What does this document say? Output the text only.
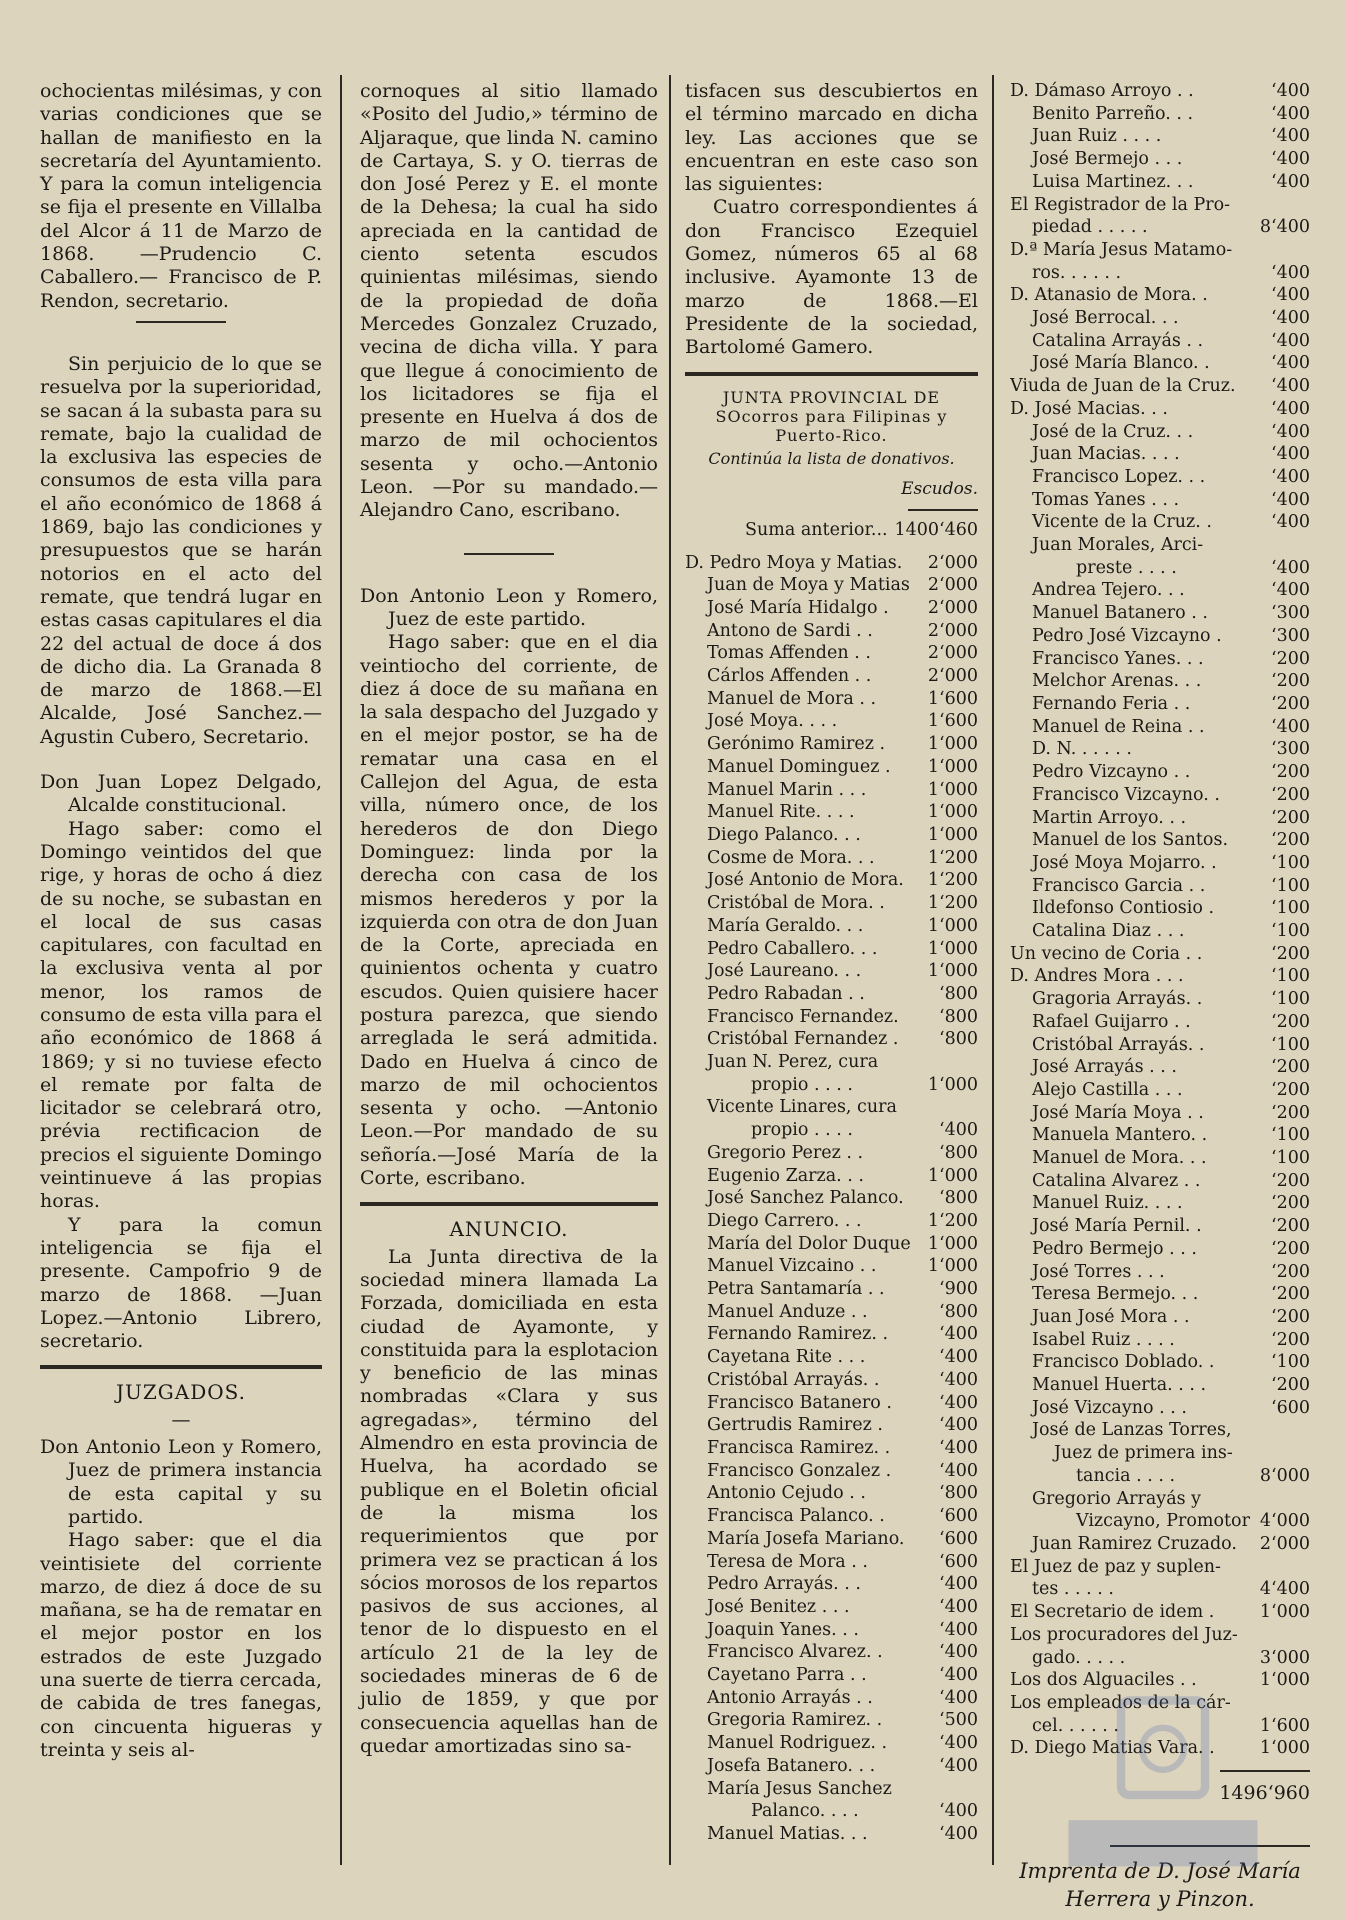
ochocientas milésimas, y con varias condiciones que se hallan de manifiesto en la secretaría del Ayuntamiento. Y para la comun inteligencia se fija el presente en Villalba del Alcor á 11 de Marzo de 1868. —Prudencio C. Caballero.— Francisco de P. Rendon, secretario.

Sin perjuicio de lo que se resuelva por la superioridad, se sacan á la subasta para su remate, bajo la cualidad de la exclusiva las especies de consumos de esta villa para el año económico de 1868 á 1869, bajo las condiciones y presupuestos que se harán notorios en el acto del remate, que tendrá lugar en estas casas capitulares el dia 22 del actual de doce á dos de dicho dia. La Granada 8 de marzo de 1868.—El Alcalde, José Sanchez.—Agustin Cubero, Secretario.

Don Juan Lopez Delgado, Alcalde constitucional.

Hago saber: como el Domingo veintidos del que rige, y horas de ocho á diez de su noche, se subastan en el local de sus casas capitulares, con facultad en la exclusiva venta al por menor, los ramos de consumo de esta villa para el año económico de 1868 á 1869; y si no tuviese efecto el remate por falta de licitador se celebrará otro, prévia rectificacion de precios el siguiente Domingo veintinueve á las propias horas.

Y para la comun inteligencia se fija el presente. Campofrio 9 de marzo de 1868. —Juan Lopez.—Antonio Librero, secretario.

JUZGADOS.
—

Don Antonio Leon y Romero, Juez de primera instancia de esta capital y su partido.

Hago saber: que el dia veintisiete del corriente marzo, de diez á doce de su mañana, se ha de rematar en el mejor postor en los estrados de este Juzgado una suerte de tierra cercada, de cabida de tres fanegas, con cincuenta higueras y treinta y seis al-

cornoques al sitio llamado «Posito del Judio,» término de Aljaraque, que linda N. camino de Cartaya, S. y O. tierras de don José Perez y E. el monte de la Dehesa; la cual ha sido apreciada en la cantidad de ciento setenta escudos quinientas milésimas, siendo de la propiedad de doña Mercedes Gonzalez Cruzado, vecina de dicha villa. Y para que llegue á conocimiento de los licitadores se fija el presente en Huelva á dos de marzo de mil ochocientos sesenta y ocho.—Antonio Leon. —Por su mandado.—Alejandro Cano, escribano.

Don Antonio Leon y Romero, Juez de este partido.

Hago saber: que en el dia veintiocho del corriente, de diez á doce de su mañana en la sala despacho del Juzgado y en el mejor postor, se ha de rematar una casa en el Callejon del Agua, de esta villa, número once, de los herederos de don Diego Dominguez: linda por la derecha con casa de los mismos herederos y por la izquierda con otra de don Juan de la Corte, apreciada en quinientos ochenta y cuatro escudos. Quien quisiere hacer postura parezca, que siendo arreglada le será admitida. Dado en Huelva á cinco de marzo de mil ochocientos sesenta y ocho. —Antonio Leon.—Por mandado de su señoría.—José María de la Corte, escribano.

ANUNCIO.

La Junta directiva de la sociedad minera llamada La Forzada, domiciliada en esta ciudad de Ayamonte, y constituida para la esplotacion y beneficio de las minas nombradas «Clara y sus agregadas», término del Almendro en esta provincia de Huelva, ha acordado se publique en el Boletin oficial de la misma los requerimientos que por primera vez se practican á los sócios morosos de los repartos pasivos de sus acciones, al tenor de lo dispuesto en el artículo 21 de la ley de sociedades mineras de 6 de julio de 1859, y que por consecuencia aquellas han de quedar amortizadas sino sa-

tisfacen sus descubiertos en el término marcado en dicha ley. Las acciones que se encuentran en este caso son las siguientes:

Cuatro correspondientes á don Francisco Ezequiel Gomez, números 65 al 68 inclusive. Ayamonte 13 de marzo de 1868.—El Presidente de la sociedad, Bartolomé Gamero.

JUNTA PROVINCIAL DE SOcorros para Filipinas y Puerto-Rico.
Continúa la lista de donativos.
Escudos.
Suma anterior... 1400‘460
D. Pedro Moya y Matias. 2‘000
Juan de Moya y Matias 2‘000
José María Hidalgo . 2‘000
Antono de Sardi . .	2‘000
Tomas Affenden . .	2‘000
Cárlos Affenden . .	2‘000
Manuel de Mora . .	1‘600
José Moya. . . .	1‘600
Gerónimo Ramirez . 1‘000
Manuel Dominguez . 1‘000
Manuel Marin . . .	1‘000
Manuel Rite. . . .	1‘000
Diego Palanco. . .	1‘000
Cosme de Mora. . .	1‘200
José Antonio de Mora. 1‘200
Cristóbal de Mora. . 1‘200
María Geraldo. . .	1‘000
Pedro Caballero. . .	1‘000
José Laureano. . .	1‘000
Pedro Rabadan . .	‘800
Francisco Fernandez. ‘800
Cristóbal Fernandez . ‘800
Juan N. Perez, cura
propio . . . .	1‘000
Vicente Linares, cura
propio . . . .	‘400
Gregorio Perez . .	‘800
Eugenio Zarza. . .	1‘000
José Sanchez Palanco. ‘800
Diego Carrero. . .	1‘200
María del Dolor Duque 1‘000
Manuel Vizcaino . .	1‘000
Petra Santamaría . .	‘900
Manuel Anduze . .	‘800
Fernando Ramirez. .	‘400
Cayetana Rite . . .	‘400
Cristóbal Arrayás. .	‘400
Francisco Batanero .	‘400
Gertrudis Ramirez .	‘400
Francisca Ramirez. .	‘400
Francisco Gonzalez .	‘400
Antonio Cejudo . .	‘800
Francisca Palanco. .	‘600
María Josefa Mariano. ‘600
Teresa de Mora . .	‘600
Pedro Arrayás. . .	‘400
José Benitez . . .	‘400
Joaquin Yanes. . .	‘400
Francisco Alvarez. .	‘400
Cayetano Parra . .	‘400
Antonio Arrayás . .	‘400
Gregoria Ramirez. .	‘500
Manuel Rodriguez. .	‘400
Josefa Batanero. . .	‘400
María Jesus Sanchez
Palanco. . . .	‘400
Manuel Matias. . .	‘400
D. Dámaso Arroyo . .	‘400
Benito Parreño. . .	‘400
Juan Ruiz . . . .	‘400
José Bermejo . . .	‘400
Luisa Martinez. . .	‘400
El Registrador de la Pro-
piedad . . . . .	8‘400
D.ª María Jesus Matamo-
ros. . . . . .	‘400
D. Atanasio de Mora. .	‘400
José Berrocal. . .	‘400
Catalina Arrayás . .	‘400
José María Blanco. .	‘400
Viuda de Juan de la Cruz. ‘400
D. José Macias. . .	‘400
José de la Cruz. . .	‘400
Juan Macias. . . .	‘400
Francisco Lopez. . .	‘400
Tomas Yanes . . .	‘400
Vicente de la Cruz. .	‘400
Juan Morales, Arci-
preste . . . .	‘400
Andrea Tejero. . .	‘400
Manuel Batanero . .	‘300
Pedro José Vizcayno .	‘300
Francisco Yanes. . .	‘200
Melchor Arenas. . .	‘200
Fernando Feria . .	‘200
Manuel de Reina . .	‘400
D. N. . . . . .	‘300
Pedro Vizcayno . .	‘200
Francisco Vizcayno. .	‘200
Martin Arroyo. . .	‘200
Manuel de los Santos. ‘200
José Moya Mojarro. .	‘100
Francisco Garcia . .	‘100
Ildefonso Contiosio .	‘100
Catalina Diaz . . .	‘100
Un vecino de Coria . .	‘200
D. Andres Mora . . .	‘100
Gragoria Arrayás. .	‘100
Rafael Guijarro . .	‘200
Cristóbal Arrayás. .	‘100
José Arrayás . . .	‘200
Alejo Castilla . . .	‘200
José María Moya . .	‘200
Manuela Mantero. .	‘100
Manuel de Mora. . .	‘100
Catalina Alvarez . .	‘200
Manuel Ruiz. . . .	‘200
José María Pernil. .	‘200
Pedro Bermejo . . .	‘200
José Torres . . .	‘200
Teresa Bermejo. . .	‘200
Juan José Mora . .	‘200
Isabel Ruiz . . . .	‘200
Francisco Doblado. .	‘100
Manuel Huerta. . . .	‘200
José Vizcayno . . .	‘600
José de Lanzas Torres,
Juez de primera ins-
tancia . . . .	8‘000
Gregorio Arrayás y
Vizcayno, Promotor 4‘000
Juan Ramirez Cruzado. 2‘000
El Juez de paz y suplen-
tes . . . . .	4‘400
El Secretario de idem .	1‘000
Los procuradores del Juz-
gado. . . . .	3‘000
Los dos Alguaciles . .	1‘000
Los empleados de la cár-
cel. . . . . .	1‘600
D. Diego Matias Vara. .	1‘000
1496‘960
Imprenta de D. José María
Herrera y Pinzon.
